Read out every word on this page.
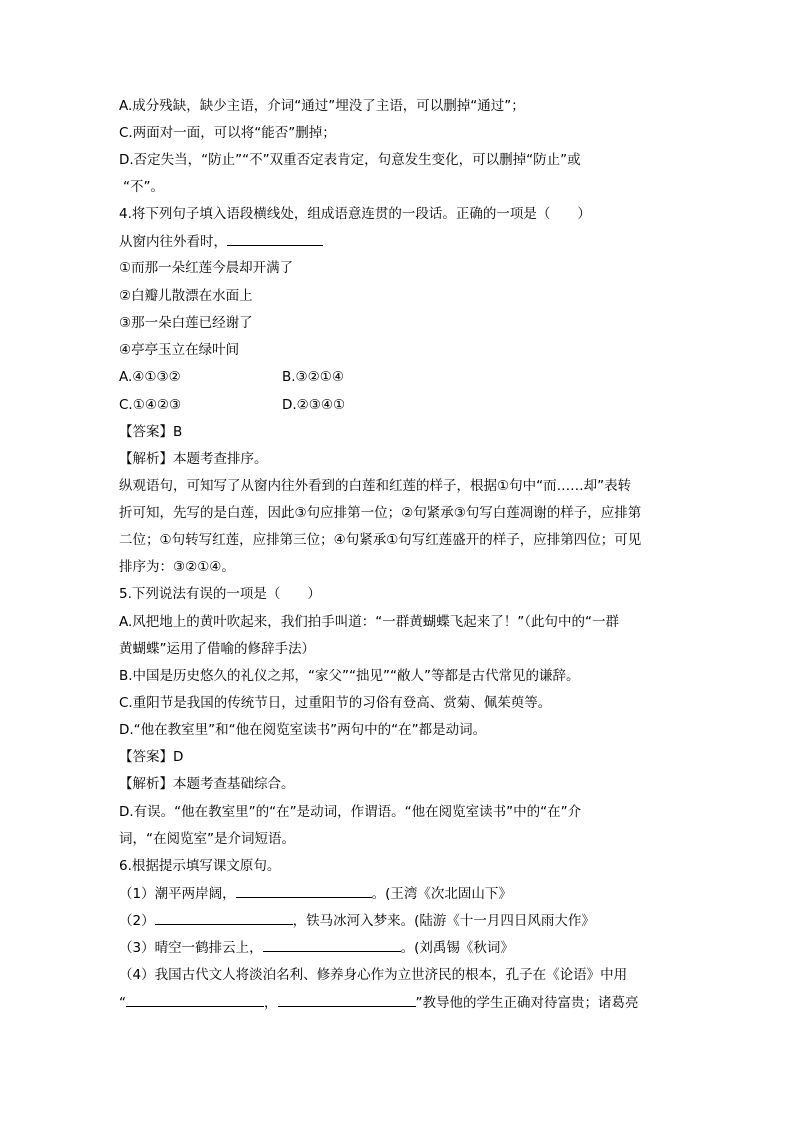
A.成分残缺，缺少主语，介词“通过”埋没了主语，可以删掉“通过”；
C.两面对一面，可以将“能否”删掉；
D.否定失当，“防止”“不”双重否定表肯定，句意发生变化，可以删掉“防止”或
“不”。
4.将下列句子填入语段横线处，组成语意连贯的一段话。正确的一项是（　　）
从窗内往外看时，
①而那一朵红莲今晨却开满了
②白瓣儿散漂在水面上
③那一朵白莲已经谢了
④亭亭玉立在绿叶间
A.④①③②	B.③②①④
C.①④②③	D.②③④①
【答案】B
【解析】本题考查排序。
纵观语句，可知写了从窗内往外看到的白莲和红莲的样子，根据①句中“而……却”表转
折可知，先写的是白莲，因此③句应排第一位；②句紧承③句写白莲凋谢的样子，应排第
二位；①句转写红莲，应排第三位；④句紧承①句写红莲盛开的样子，应排第四位；可见
排序为：③②①④。
5.下列说法有误的一项是（　　）
A.风把地上的黄叶吹起来，我们拍手叫道：“一群黄蝴蝶飞起来了！”（此句中的“一群
黄蝴蝶”运用了借喻的修辞手法）
B.中国是历史悠久的礼仪之邦，“家父”“拙见”“敝人”等都是古代常见的谦辞。
C.重阳节是我国的传统节日，过重阳节的习俗有登高、赏菊、佩茱萸等。
D.“他在教室里”和“他在阅览室读书”两句中的“在”都是动词。
【答案】D
【解析】本题考查基础综合。
D.有误。“他在教室里”的“在”是动词，作谓语。“他在阅览室读书”中的“在”介
词，“在阅览室”是介词短语。
6.根据提示填写课文原句。
（1）潮平两岸阔，	。(王湾《次北固山下》
（2）	，铁马冰河入梦来。(陆游《十一月四日风雨大作》
（3）晴空一鹤排云上，	。(刘禹锡《秋词》
（4）我国古代文人将淡泊名利、修养身心作为立世济民的根本，孔子在《论语》中用
“	，	”教导他的学生正确对待富贵；诸葛亮
